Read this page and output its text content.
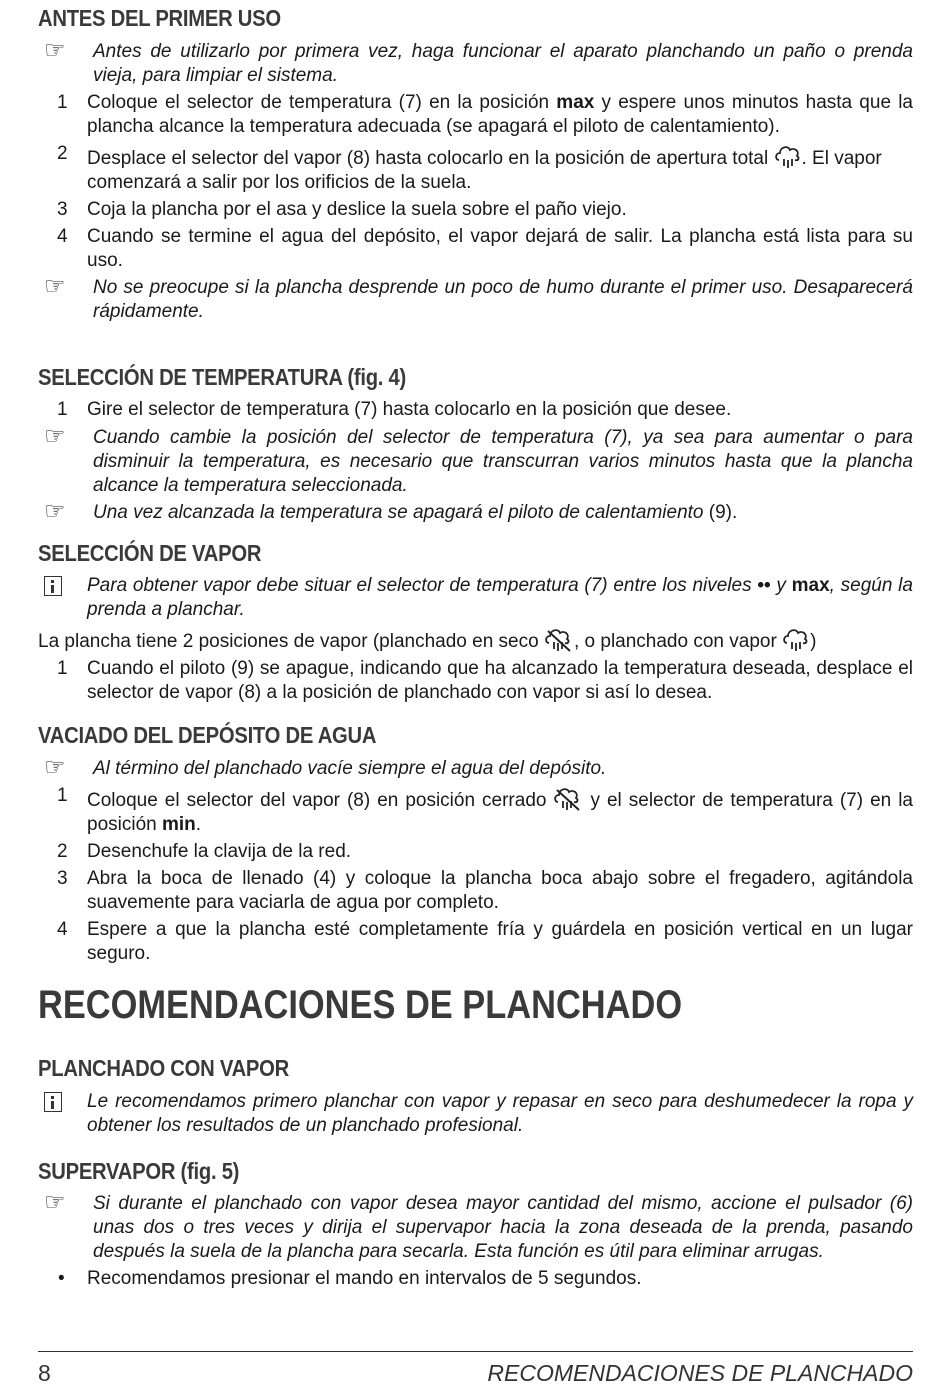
ANTES DEL PRIMER USO
☞	Antes de utilizarlo por primera vez, haga funcionar el aparato planchando un paño o prenda vieja, para limpiar el sistema.
1	Coloque el selector de temperatura (7) en la posición max y espere unos minutos hasta que la plancha alcance la temperatura adecuada (se apagará el piloto de calentamiento).
2	Desplace el selector del vapor (8) hasta colocarlo en la posición de apertura total . El vapor comenzará a salir por los orificios de la suela.
3	Coja la plancha por el asa y deslice la suela sobre el paño viejo.
4	Cuando se termine el agua del depósito, el vapor dejará de salir. La plancha está lista para su uso.
☞	No se preocupe si la plancha desprende un poco de humo durante el primer uso. Desaparecerá rápidamente.
SELECCIÓN DE TEMPERATURA (fig. 4)
1	Gire el selector de temperatura (7) hasta colocarlo en la posición que desee.
☞	Cuando cambie la posición del selector de temperatura (7), ya sea para aumentar o para disminuir la temperatura, es necesario que transcurran varios minutos hasta que la plancha alcance la temperatura seleccionada.
☞	Una vez alcanzada la temperatura se apagará el piloto de calentamiento (9).
SELECCIÓN DE VAPOR
Para obtener vapor debe situar el selector de temperatura (7) entre los niveles •• y max, según la prenda a planchar.
La plancha tiene 2 posiciones de vapor (planchado en seco , o planchado con vapor )
1	Cuando el piloto (9) se apague, indicando que ha alcanzado la temperatura deseada, desplace el selector de vapor (8) a la posición de planchado con vapor si así lo desea.
VACIADO DEL DEPÓSITO DE AGUA
☞	Al término del planchado vacíe siempre el agua del depósito.
1	Coloque el selector del vapor (8) en posición cerrado  y el selector de temperatura (7) en la posición min.
2	Desenchufe la clavija de la red.
3	Abra la boca de llenado (4) y coloque la plancha boca abajo sobre el fregadero, agitándola suavemente para vaciarla de agua por completo.
4	Espere a que la plancha esté completamente fría y guárdela en posición vertical en un lugar seguro.
RECOMENDACIONES DE PLANCHADO
PLANCHADO CON VAPOR
Le recomendamos primero planchar con vapor y repasar en seco para deshumedecer la ropa y obtener los resultados de un planchado profesional.
SUPERVAPOR (fig. 5)
☞	Si durante el planchado con vapor desea mayor cantidad del mismo, accione el pulsador (6) unas dos o tres veces y dirija el supervapor hacia la zona deseada de la prenda, pasando después la suela de la plancha para secarla. Esta función es útil para eliminar arrugas.
•	Recomendamos presionar el mando en intervalos de 5 segundos.
8	RECOMENDACIONES DE PLANCHADO
